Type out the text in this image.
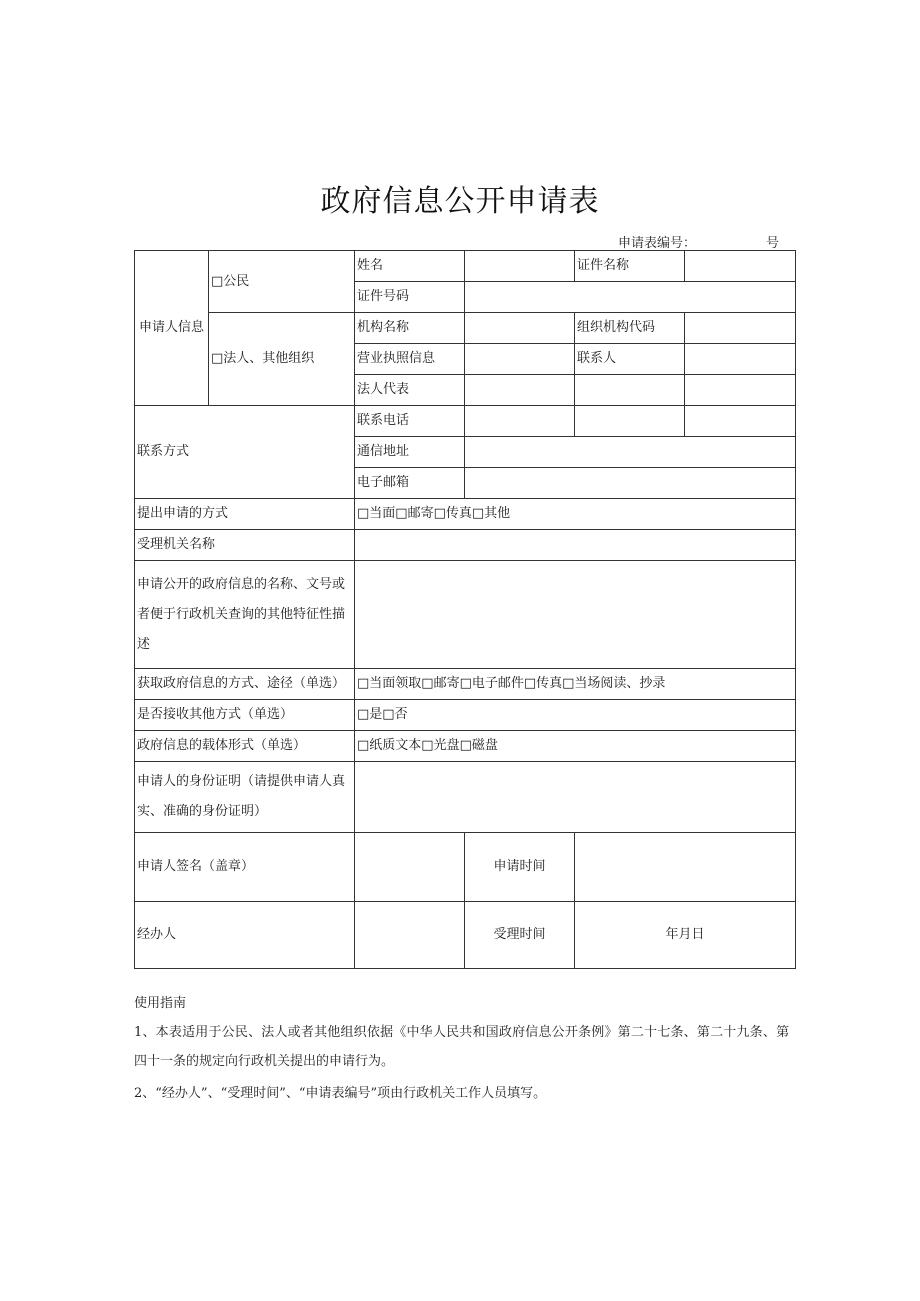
政府信息公开申请表
申请表编号：	号
申请人信息	□公民	姓名		证件名称	
		证件号码			
	□法人、其他组织	机构名称		组织机构代码	
		营业执照信息		联系人	
		法人代表			
联系方式		联系电话			
		通信地址			
		电子邮箱			
提出申请的方式		□当面□邮寄□传真□其他			
受理机关名称					
申请公开的政府信息的名称、文号或者便于行政机关查询的其他特征性描述					
获取政府信息的方式、途径（单选）		□当面领取□邮寄□电子邮件□传真□当场阅读、抄录			
是否接收其他方式（单选）		□是□否			
政府信息的载体形式（单选）		□纸质文本□光盘□磁盘			
申请人的身份证明（请提供申请人真实、准确的身份证明）					
申请人签名（盖章）			申请时间		
经办人			受理时间	年月日	
使用指南
1、本表适用于公民、法人或者其他组织依据《中华人民共和国政府信息公开条例》第二十七条、第二十九条、第
四十一条的规定向行政机关提出的申请行为。
2、“经办人”、“受理时间”、“申请表编号”项由行政机关工作人员填写。
